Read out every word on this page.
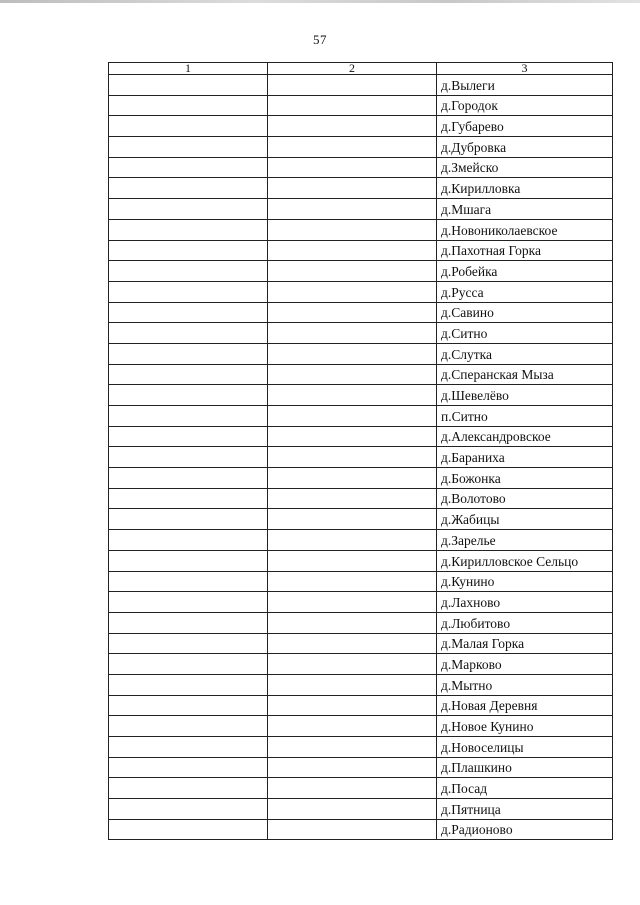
57
1	2	3
		д.Вылеги
		д.Городок
		д.Губарево
		д.Дубровка
		д.Змейско
		д.Кирилловка
		д.Мшага
		д.Новониколаевское
		д.Пахотная Горка
		д.Робейка
		д.Русса
		д.Савино
		д.Ситно
		д.Слутка
		д.Сперанская Мыза
		д.Шевелёво
		п.Ситно
		д.Александровское
		д.Бараниха
		д.Божонка
		д.Волотово
		д.Жабицы
		д.Зарелье
		д.Кирилловское Сельцо
		д.Кунино
		д.Лахново
		д.Любитово
		д.Малая Горка
		д.Марково
		д.Мытно
		д.Новая Деревня
		д.Новое Кунино
		д.Новоселицы
		д.Плашкино
		д.Посад
		д.Пятница
		д.Радионово
